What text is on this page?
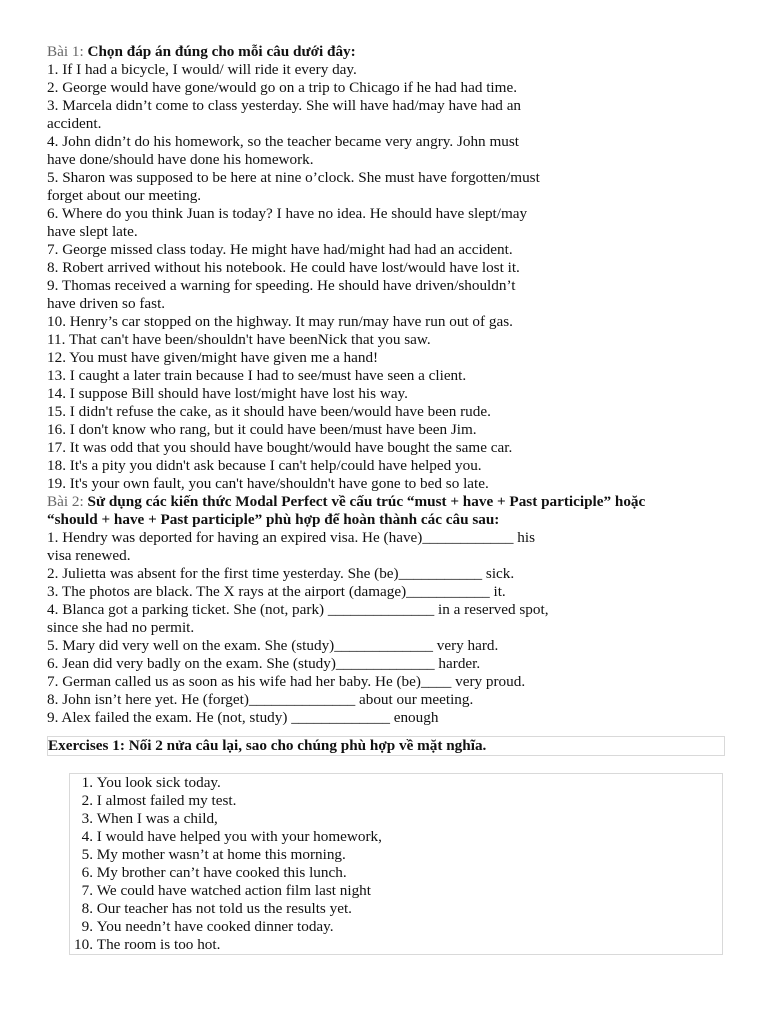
Bài 1: Chọn đáp án đúng cho mỗi câu dưới đây:
1. If I had a bicycle, I would/ will ride it every day.
2. George would have gone/would go on a trip to Chicago if he had had time.
3. Marcela didn’t come to class yesterday. She will have had/may have had an
accident.
4. John didn’t do his homework, so the teacher became very angry. John must
have done/should have done his homework.
5. Sharon was supposed to be here at nine o’clock. She must have forgotten/must
forget about our meeting.
6. Where do you think Juan is today? I have no idea. He should have slept/may
have slept late.
7. George missed class today. He might have had/might had had an accident.
8. Robert arrived without his notebook. He could have lost/would have lost it.
9. Thomas received a warning for speeding. He should have driven/shouldn’t
have driven so fast.
10. Henry’s car stopped on the highway. It may run/may have run out of gas.
11. That can't have been/shouldn't have beenNick that you saw.
12. You must have given/might have given me a hand!
13. I caught a later train because I had to see/must have seen a client.
14. I suppose Bill should have lost/might have lost his way.
15. I didn't refuse the cake, as it should have been/would have been rude.
16. I don't know who rang, but it could have been/must have been Jim.
17. It was odd that you should have bought/would have bought the same car.
18. It's a pity you didn't ask because I can't help/could have helped you.
19. It's your own fault, you can't have/shouldn't have gone to bed so late.
Bài 2: Sử dụng các kiến thức Modal Perfect về cấu trúc “must + have + Past participle” hoặc
“should + have + Past participle” phù hợp để hoàn thành các câu sau:
1. Hendry was deported for having an expired visa. He (have)____________ his
visa renewed.
2. Julietta was absent for the first time yesterday. She (be)___________ sick.
3. The photos are black. The X rays at the airport (damage)___________ it.
4. Blanca got a parking ticket. She (not, park) ______________ in a reserved spot,
since she had no permit.
5. Mary did very well on the exam. She (study)_____________ very hard.
6. Jean did very badly on the exam. She (study)_____________ harder.
7. German called us as soon as his wife had her baby. He (be)____ very proud.
8. John isn’t here yet. He (forget)______________ about our meeting.
9. Alex failed the exam. He (not, study) _____________ enough
Exercises 1: Nối 2 nửa câu lại, sao cho chúng phù hợp về mặt nghĩa.
1.
You look sick today.
2.
I almost failed my test.
3.
When I was a child,
4.
I would have helped you with your homework,
5.
My mother wasn’t at home this morning.
6.
My brother can’t have cooked this lunch.
7.
We could have watched action film last night
8.
Our teacher has not told us the results yet.
9.
You needn’t have cooked dinner today.
10.
The room is too hot.
